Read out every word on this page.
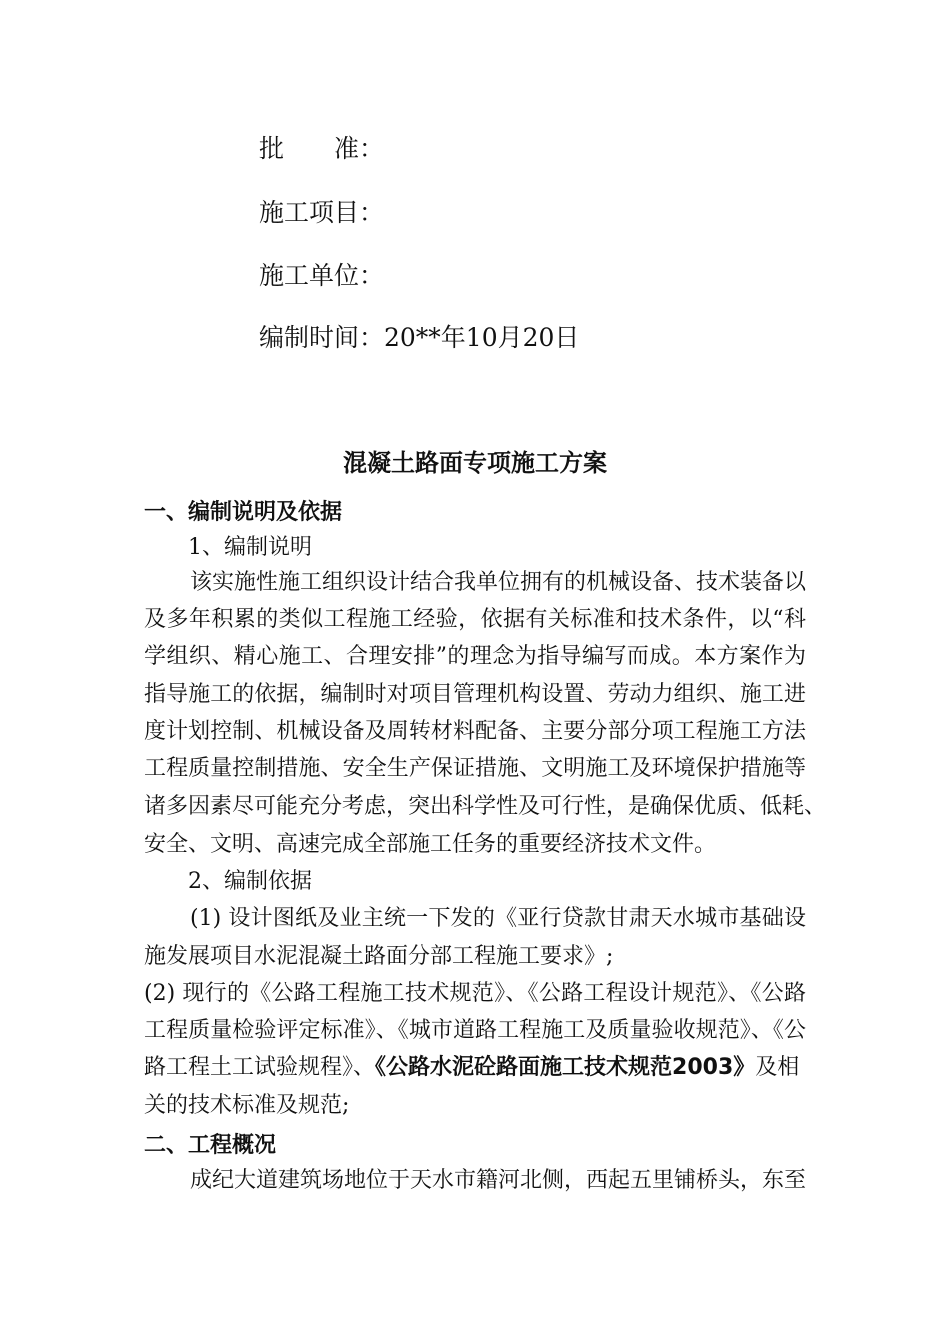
批　　准：
施工项目：
施工单位：
编制时间：20**年10月20日
混凝土路面专项施工方案
一、编制说明及依据
1、编制说明
该实施性施工组织设计结合我单位拥有的机械设备、技术装备以
及多年积累的类似工程施工经验，依据有关标准和技术条件，以“科
学组织、精心施工、合理安排”的理念为指导编写而成。本方案作为
指导施工的依据，编制时对项目管理机构设置、劳动力组织、施工进
度计划控制、机械设备及周转材料配备、主要分部分项工程施工方法
工程质量控制措施、安全生产保证措施、文明施工及环境保护措施等
诸多因素尽可能充分考虑，突出科学性及可行性，是确保优质、低耗、
安全、文明、高速完成全部施工任务的重要经济技术文件。
2、编制依据
(1) 设计图纸及业主统一下发的《亚行贷款甘肃天水城市基础设
施发展项目水泥混凝土路面分部工程施工要求》;
(2) 现行的《公路工程施工技术规范》、《公路工程设计规范》、《公路
工程质量检验评定标准》、《城市道路工程施工及质量验收规范》、《公
路工程土工试验规程》、《公路水泥砼路面施工技术规范2003》及相
关的技术标准及规范;
二、工程概况
成纪大道建筑场地位于天水市籍河北侧，西起五里铺桥头，东至
